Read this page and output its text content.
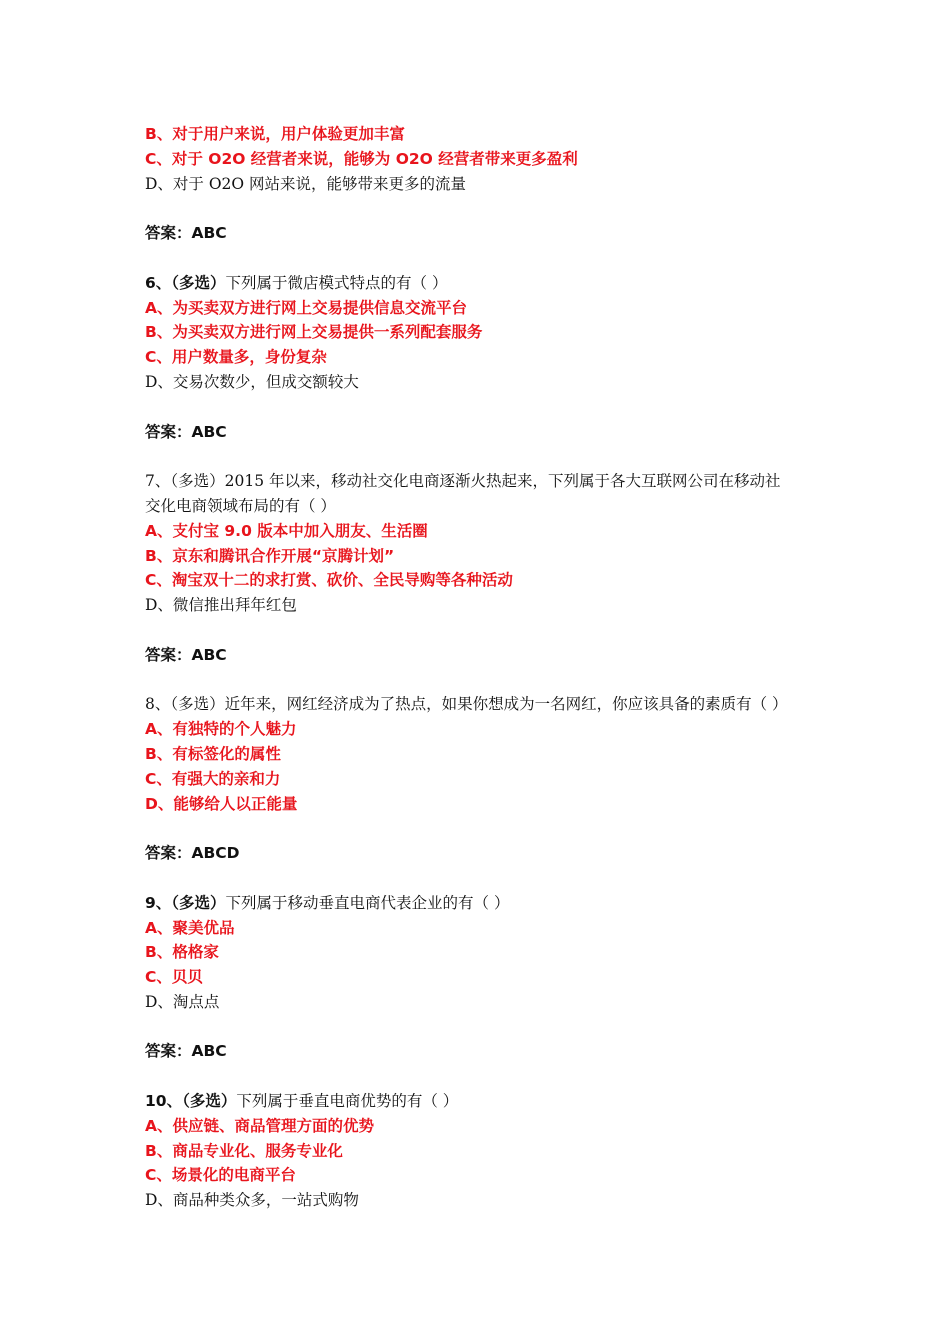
B、对于用户来说，用户体验更加丰富
C、对于 O2O 经营者来说，能够为 O2O 经营者带来更多盈利
D、对于 O2O 网站来说，能够带来更多的流量
答案：ABC
6、（多选）下列属于微店模式特点的有（ ）
A、为买卖双方进行网上交易提供信息交流平台
B、为买卖双方进行网上交易提供一系列配套服务
C、用户数量多，身份复杂
D、交易次数少，但成交额较大
答案：ABC
7、（多选）2015 年以来，移动社交化电商逐渐火热起来，下列属于各大互联网公司在移动社
交化电商领域布局的有（ ）
A、支付宝 9.0 版本中加入朋友、生活圈
B、京东和腾讯合作开展“京腾计划”
C、淘宝双十二的求打赏、砍价、全民导购等各种活动
D、微信推出拜年红包
答案：ABC
8、（多选）近年来，网红经济成为了热点，如果你想成为一名网红，你应该具备的素质有（ ）
A、有独特的个人魅力
B、有标签化的属性
C、有强大的亲和力
D、能够给人以正能量
答案：ABCD
9、（多选）下列属于移动垂直电商代表企业的有（ ）
A、聚美优品
B、格格家
C、贝贝
D、淘点点
答案：ABC
10、（多选）下列属于垂直电商优势的有（ ）
A、供应链、商品管理方面的优势
B、商品专业化、服务专业化
C、场景化的电商平台
D、商品种类众多，一站式购物
